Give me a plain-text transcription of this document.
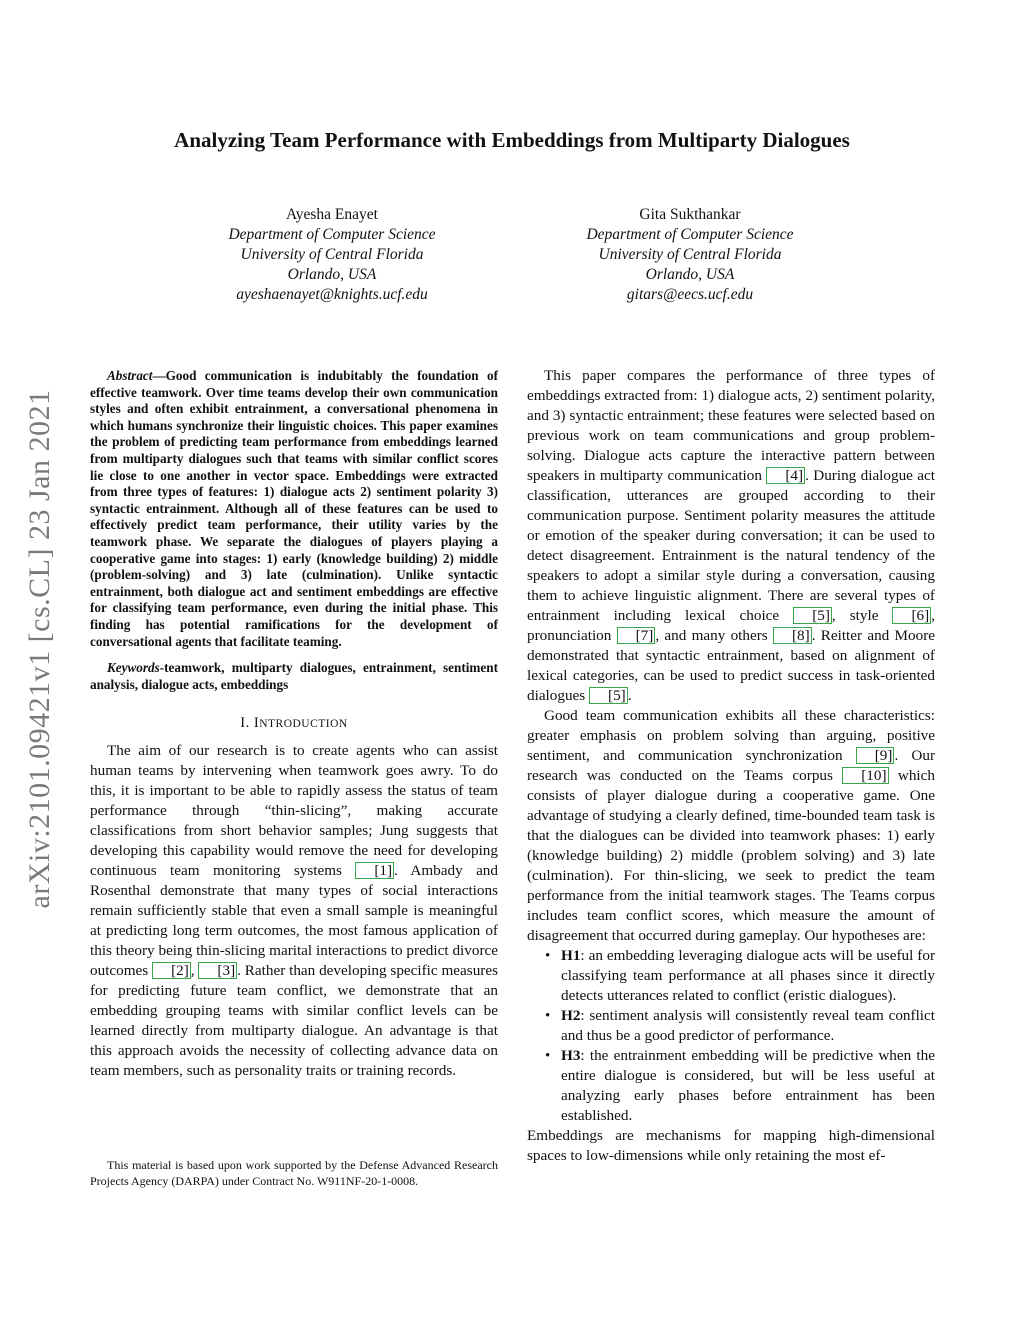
Analyzing Team Performance with Embeddings from Multiparty Dialogues
Ayesha Enayet
Department of Computer Science
University of Central Florida
Orlando, USA
ayeshaenayet@knights.ucf.edu
Gita Sukthankar
Department of Computer Science
University of Central Florida
Orlando, USA
gitars@eecs.ucf.edu
arXiv:2101.09421v1 [cs.CL] 23 Jan 2021

Abstract—Good communication is indubitably the foundation of effective teamwork. Over time teams develop their own communication styles and often exhibit entrainment, a conversational phenomena in which humans synchronize their linguistic choices. This paper examines the problem of predicting team performance from embeddings learned from multiparty dialogues such that teams with similar conflict scores lie close to one another in vector space. Embeddings were extracted from three types of features: 1) dialogue acts 2) sentiment polarity 3) syntactic entrainment. Although all of these features can be used to effectively predict team performance, their utility varies by the teamwork phase. We separate the dialogues of players playing a cooperative game into stages: 1) early (knowledge building) 2) middle (problem-solving) and 3) late (culmination). Unlike syntactic entrainment, both dialogue act and sentiment embeddings are effective for classifying team performance, even during the initial phase. This finding has potential ramifications for the development of conversational agents that facilitate teaming.

Keywords-teamwork, multiparty dialogues, entrainment, sentiment analysis, dialogue acts, embeddings

I. INTRODUCTION

The aim of our research is to create agents who can assist human teams by intervening when teamwork goes awry. To do this, it is important to be able to rapidly assess the status of team performance through “thin-slicing”, making accurate classifications from short behavior samples; Jung suggests that developing this capability would remove the need for developing continuous team monitoring systems [1] . Ambady and Rosenthal demonstrate that many types of social interactions remain sufficiently stable that even a small sample is meaningful at predicting long term outcomes, the most famous application of this theory being thin-slicing marital interactions to predict divorce outcomes [2] , [3] . Rather than developing specific measures for predicting future team conflict, we demonstrate that an embedding grouping teams with similar conflict levels can be learned directly from multiparty dialogue. An advantage is that this approach avoids the necessity of collecting advance data on team members, such as personality traits or training records.

This material is based upon work supported by the Defense Advanced Research Projects Agency (DARPA) under Contract No. W911NF-20-1-0008.

This paper compares the performance of three types of embeddings extracted from: 1) dialogue acts, 2) sentiment polarity, and 3) syntactic entrainment; these features were selected based on previous work on team communications and group problem-solving. Dialogue acts capture the interactive pattern between speakers in multiparty communication [4] . During dialogue act classification, utterances are grouped according to their communication purpose. Sentiment polarity measures the attitude or emotion of the speaker during conversation; it can be used to detect disagreement. Entrainment is the natural tendency of the speakers to adopt a similar style during a conversation, causing them to achieve linguistic alignment. There are several types of entrainment including lexical choice [5] , style [6] , pronunciation [7] , and many others [8] . Reitter and Moore demonstrated that syntactic entrainment, based on alignment of lexical categories, can be used to predict success in task-oriented dialogues [5] .

Good team communication exhibits all these characteristics: greater emphasis on problem solving than arguing, positive sentiment, and communication synchronization [9] . Our research was conducted on the Teams corpus [10] which consists of player dialogue during a cooperative game. One advantage of studying a clearly defined, time-bounded team task is that the dialogues can be divided into teamwork phases: 1) early (knowledge building) 2) middle (problem solving) and 3) late (culmination). For thin-slicing, we seek to predict the team performance from the initial teamwork stages. The Teams corpus includes team conflict scores, which measure the amount of disagreement that occurred during gameplay. Our hypotheses are:

• H1: an embedding leveraging dialogue acts will be useful for classifying team performance at all phases since it directly detects utterances related to conflict (eristic dialogues).
• H2: sentiment analysis will consistently reveal team conflict and thus be a good predictor of performance.
• H3: the entrainment embedding will be predictive when the entire dialogue is considered, but will be less useful at analyzing early phases before entrainment has been established.

Embeddings are mechanisms for mapping high-dimensional spaces to low-dimensions while only retaining the most ef-
